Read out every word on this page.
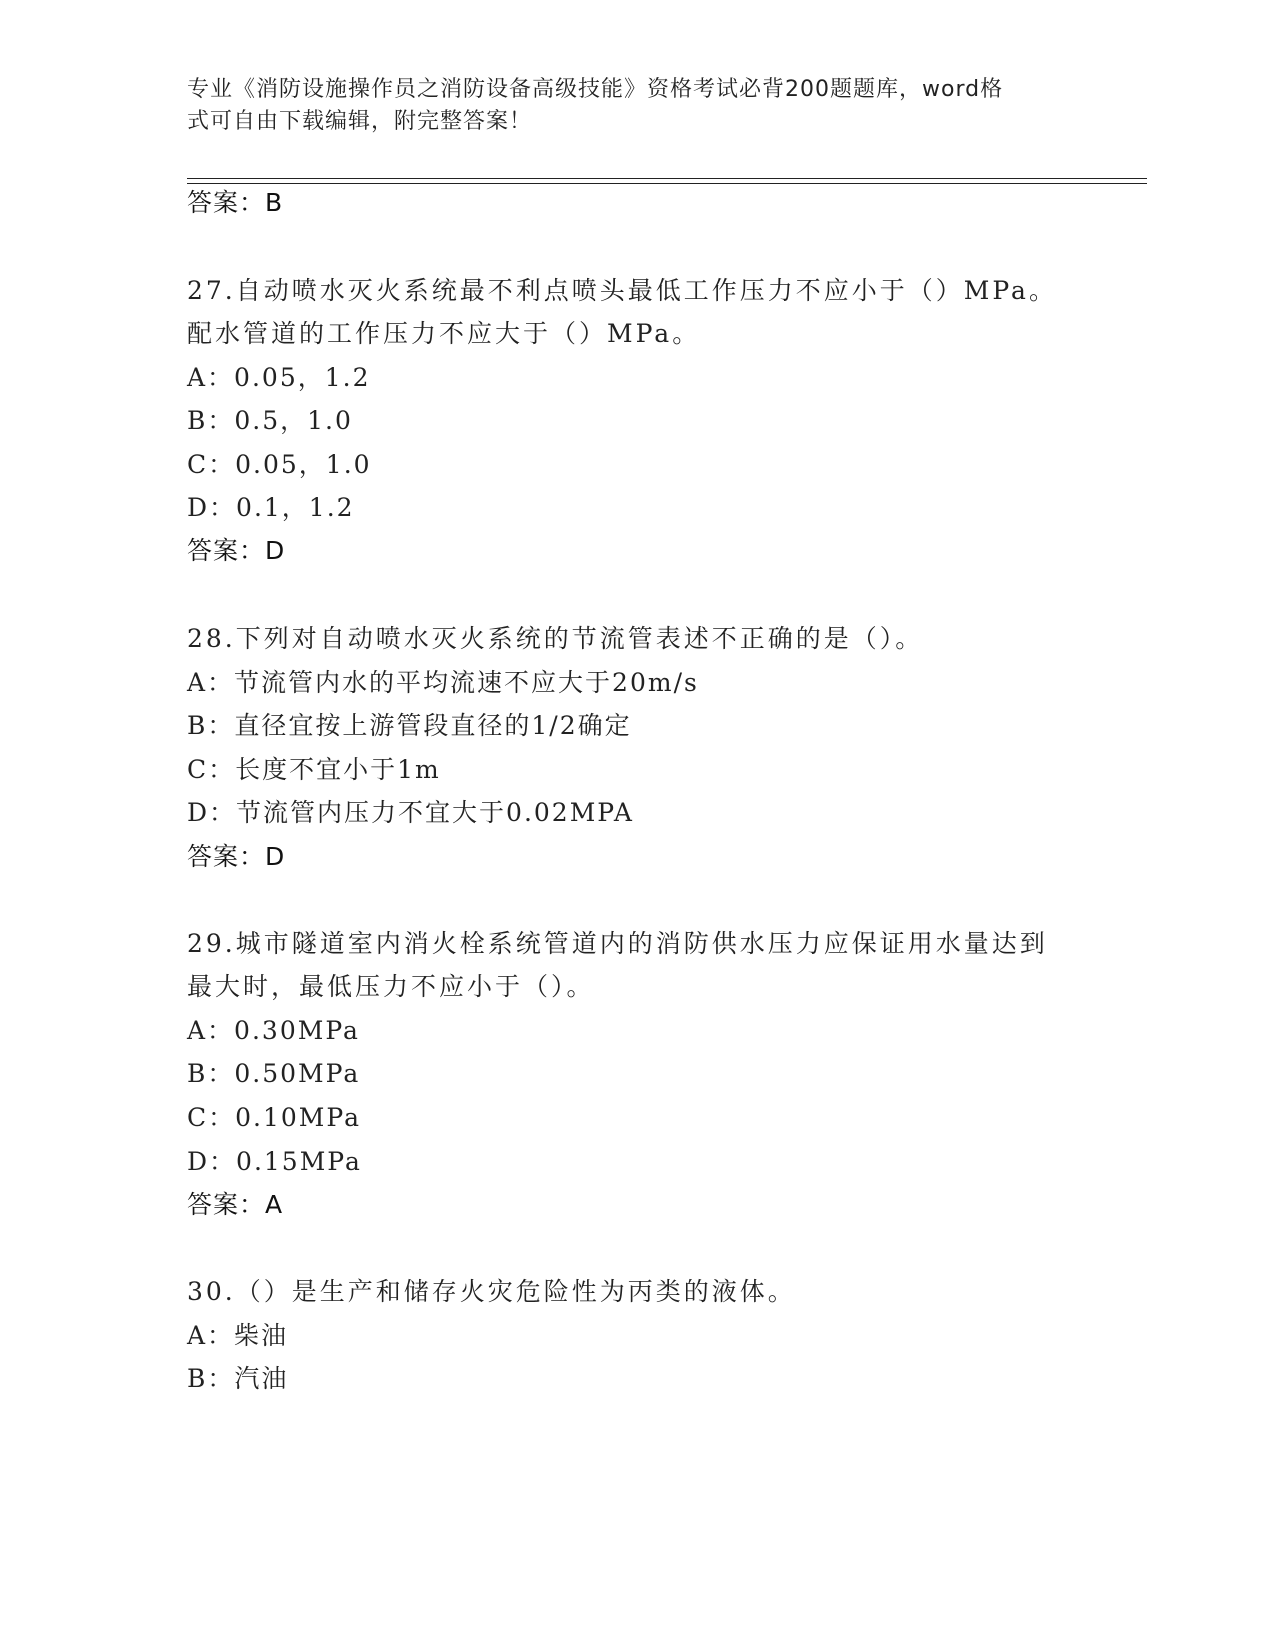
专业《消防设施操作员之消防设备高级技能》资格考试必背200题题库，word格
式可自由下载编辑，附完整答案！
答案：B
27.自动喷水灭火系统最不利点喷头最低工作压力不应小于（）MPa。
配水管道的工作压力不应大于（）MPa。
A：0.05，1.2
B：0.5，1.0
C：0.05，1.0
D：0.1，1.2
答案：D
28.下列对自动喷水灭火系统的节流管表述不正确的是（）。
A：节流管内水的平均流速不应大于20m/s
B：直径宜按上游管段直径的1/2确定
C：长度不宜小于1m
D：节流管内压力不宜大于0.02MPA
答案：D
29.城市隧道室内消火栓系统管道内的消防供水压力应保证用水量达到
最大时，最低压力不应小于（）。
A：0.30MPa
B：0.50MPa
C：0.10MPa
D：0.15MPa
答案：A
30.（）是生产和储存火灾危险性为丙类的液体。
A：柴油
B：汽油
